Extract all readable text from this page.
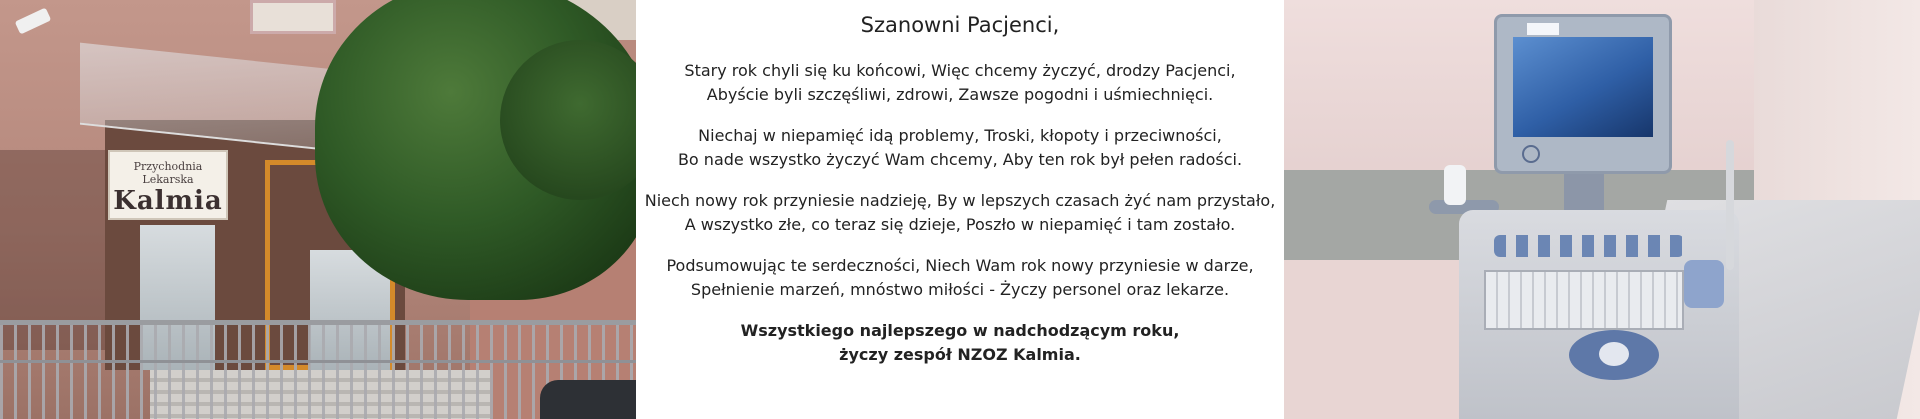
Przychodnia Lekarska
Kalmia
Szanowni Pacjenci,
Stary rok chyli się ku końcowi, Więc chcemy życzyć, drodzy Pacjenci,
Abyście byli szczęśliwi, zdrowi, Zawsze pogodni i uśmiechnięci.
Niechaj w niepamięć idą problemy, Troski, kłopoty i przeciwności,
Bo nade wszystko życzyć Wam chcemy, Aby ten rok był pełen radości.
Niech nowy rok przyniesie nadzieję, By w lepszych czasach żyć nam przystało,
A wszystko złe, co teraz się dzieje, Poszło w niepamięć i tam zostało.
Podsumowując te serdeczności, Niech Wam rok nowy przyniesie w darze,
Spełnienie marzeń, mnóstwo miłości - Życzy personel oraz lekarze.
Wszystkiego najlepszego w nadchodzącym roku,
życzy zespół NZOZ Kalmia.
